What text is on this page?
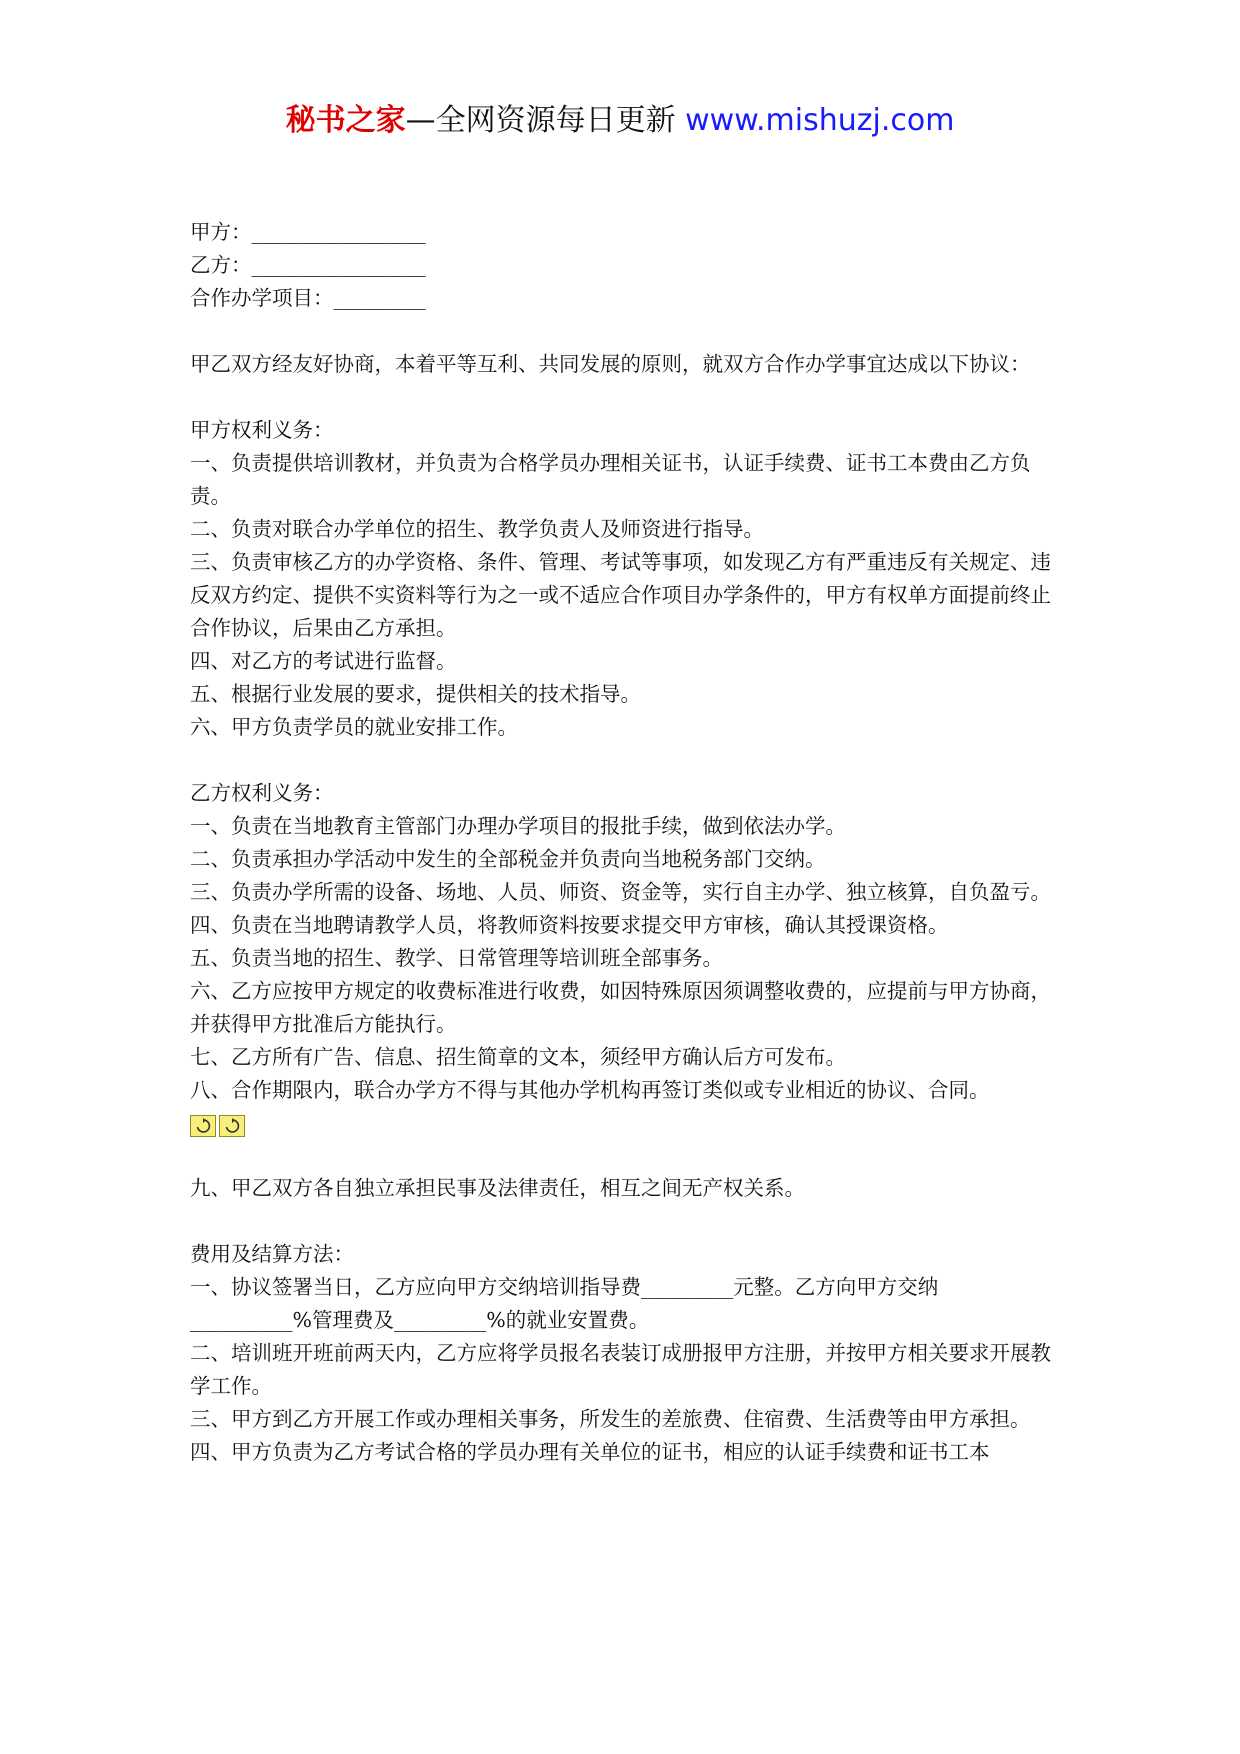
秘书之家—全网资源每日更新 www.mishuzj.com
甲方：_________________
乙方：_________________
合作办学项目：_________
甲乙双方经友好协商，本着平等互利、共同发展的原则，就双方合作办学事宜达成以下协议：
甲方权利义务：
一、负责提供培训教材，并负责为合格学员办理相关证书，认证手续费、证书工本费由乙方负责。
二、负责对联合办学单位的招生、教学负责人及师资进行指导。
三、负责审核乙方的办学资格、条件、管理、考试等事项，如发现乙方有严重违反有关规定、违反双方约定、提供不实资料等行为之一或不适应合作项目办学条件的，甲方有权单方面提前终止合作协议，后果由乙方承担。
四、对乙方的考试进行监督。
五、根据行业发展的要求，提供相关的技术指导。
六、甲方负责学员的就业安排工作。
乙方权利义务：
一、负责在当地教育主管部门办理办学项目的报批手续，做到依法办学。
二、负责承担办学活动中发生的全部税金并负责向当地税务部门交纳。
三、负责办学所需的设备、场地、人员、师资、资金等，实行自主办学、独立核算，自负盈亏。
四、负责在当地聘请教学人员，将教师资料按要求提交甲方审核，确认其授课资格。
五、负责当地的招生、教学、日常管理等培训班全部事务。
六、乙方应按甲方规定的收费标准进行收费，如因特殊原因须调整收费的，应提前与甲方协商，并获得甲方批准后方能执行。
七、乙方所有广告、信息、招生简章的文本，须经甲方确认后方可发布。
八、合作期限内，联合办学方不得与其他办学机构再签订类似或专业相近的协议、合同。
九、甲乙双方各自独立承担民事及法律责任，相互之间无产权关系。
费用及结算方法：
一、协议签署当日，乙方应向甲方交纳培训指导费_________元整。乙方向甲方交纳__________%管理费及_________%的就业安置费。
二、培训班开班前两天内，乙方应将学员报名表装订成册报甲方注册，并按甲方相关要求开展教学工作。
三、甲方到乙方开展工作或办理相关事务，所发生的差旅费、住宿费、生活费等由甲方承担。
四、甲方负责为乙方考试合格的学员办理有关单位的证书，相应的认证手续费和证书工本
